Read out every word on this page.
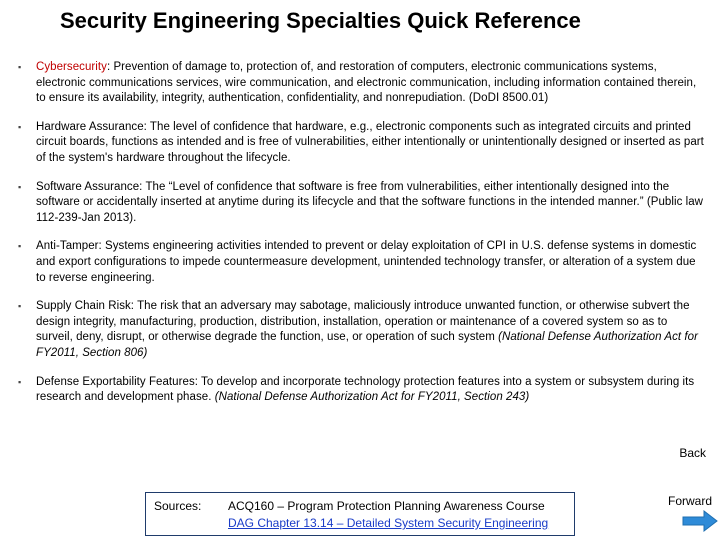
Security Engineering Specialties Quick Reference
▪ Cybersecurity: Prevention of damage to, protection of, and restoration of computers, electronic communications systems, electronic communications services, wire communication, and electronic communication, including information contained therein, to ensure its availability, integrity, authentication, confidentiality, and nonrepudiation. (DoDI 8500.01)
▪ Hardware Assurance: The level of confidence that hardware, e.g., electronic components such as integrated circuits and printed circuit boards, functions as intended and is free of vulnerabilities, either intentionally or unintentionally designed or inserted as part of the system's hardware throughout the lifecycle.
▪ Software Assurance: The “Level of confidence that software is free from vulnerabilities, either intentionally designed into the software or accidentally inserted at anytime during its lifecycle and that the software functions in the intended manner.” (Public law 112-239-Jan 2013).
▪ Anti-Tamper: Systems engineering activities intended to prevent or delay exploitation of CPI in U.S. defense systems in domestic and export configurations to impede countermeasure development, unintended technology transfer, or alteration of a system due to reverse engineering.
▪ Supply Chain Risk: The risk that an adversary may sabotage, maliciously introduce unwanted function, or otherwise subvert the design integrity, manufacturing, production, distribution, installation, operation or maintenance of a covered system so as to surveil, deny, disrupt, or otherwise degrade the function, use, or operation of such system (National Defense Authorization Act for FY2011, Section 806)
▪ Defense Exportability Features: To develop and incorporate technology protection features into a system or subsystem during its research and development phase. (National Defense Authorization Act for FY2011, Section 243)
Back
Sources: ACQ160 – Program Protection Planning Awareness Course
DAG Chapter 13.14 – Detailed System Security Engineering
Forward
